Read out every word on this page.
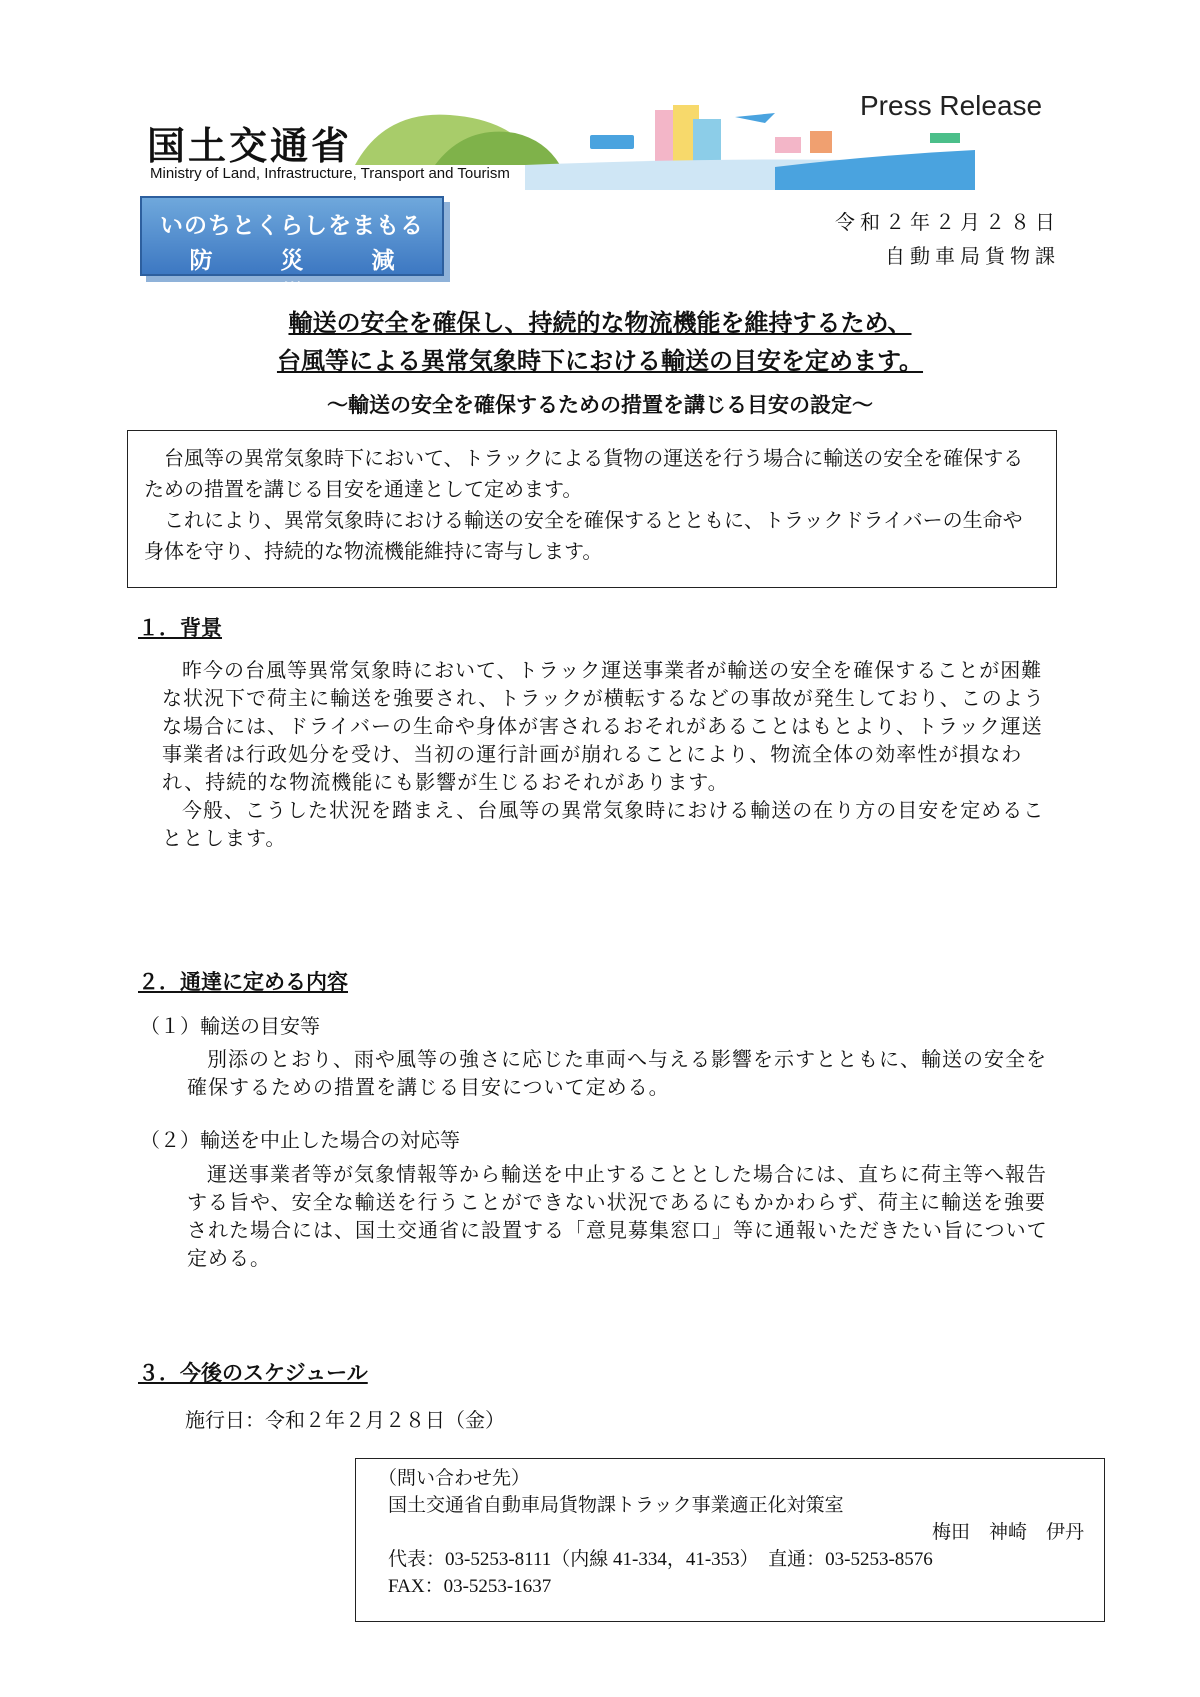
国土交通省
Ministry of Land, Infrastructure, Transport and Tourism
Press Release
いのちとくらしをまもる
防 災 減 災
令和２年２月２８日
自動車局貨物課
輸送の安全を確保し、持続的な物流機能を維持するため、
台風等による異常気象時下における輸送の目安を定めます。
～輸送の安全を確保するための措置を講じる目安の設定～

台風等の異常気象時下において、トラックによる貨物の運送を行う場合に輸送の安全を確保するための措置を講じる目安を通達として定めます。

これにより、異常気象時における輸送の安全を確保するとともに、トラックドライバーの生命や身体を守り、持続的な物流機能維持に寄与します。

１．背景

昨今の台風等異常気象時において、トラック運送事業者が輸送の安全を確保することが困難な状況下で荷主に輸送を強要され、トラックが横転するなどの事故が発生しており、このような場合には、ドライバーの生命や身体が害されるおそれがあることはもとより、トラック運送事業者は行政処分を受け、当初の運行計画が崩れることにより、物流全体の効率性が損なわれ、持続的な物流機能にも影響が生じるおそれがあります。

今般、こうした状況を踏まえ、台風等の異常気象時における輸送の在り方の目安を定めることとします。

２．通達に定める内容
（１）輸送の目安等

別添のとおり、雨や風等の強さに応じた車両へ与える影響を示すとともに、輸送の安全を確保するための措置を講じる目安について定める。

（２）輸送を中止した場合の対応等

運送事業者等が気象情報等から輸送を中止することとした場合には、直ちに荷主等へ報告する旨や、安全な輸送を行うことができない状況であるにもかかわらず、荷主に輸送を強要された場合には、国土交通省に設置する「意見募集窓口」等に通報いただきたい旨について定める。

３．今後のスケジュール
施行日：令和２年２月２８日（金）
（問い合わせ先）
国土交通省自動車局貨物課トラック事業適正化対策室
梅田　神崎　伊丹
代表：03-5253-8111（内線 41-334，41-353）　直通：03-5253-8576
FAX：03-5253-1637
